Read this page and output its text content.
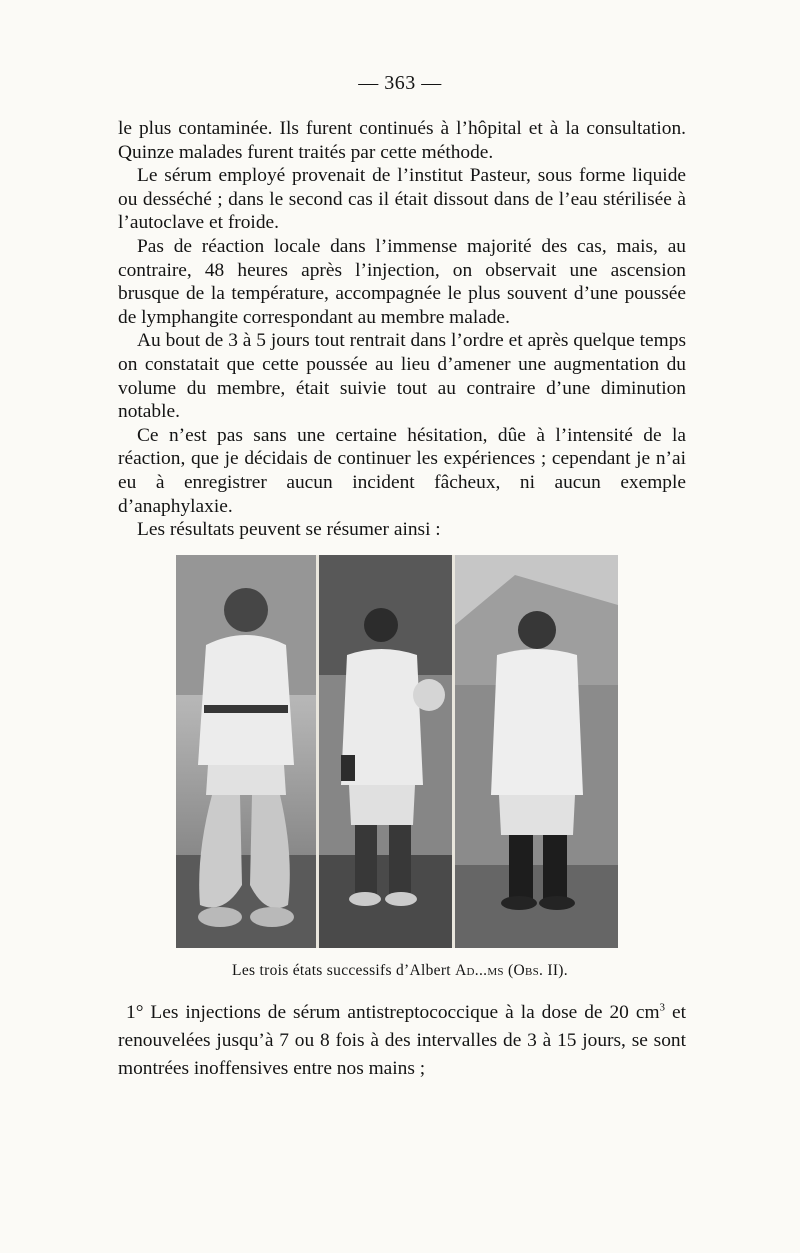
— 363 —

le plus contaminée. Ils furent continués à l’hôpital et à la consultation. Quinze malades furent traités par cette méthode.

Le sérum employé provenait de l’institut Pasteur, sous forme liquide ou desséché ; dans le second cas il était dissout dans de l’eau stérilisée à l’autoclave et froide.

Pas de réaction locale dans l’immense majorité des cas, mais, au contraire, 48 heures après l’injection, on observait une ascension brusque de la température, accompagnée le plus souvent d’une poussée de lymphangite correspondant au membre malade.

Au bout de 3 à 5 jours tout rentrait dans l’ordre et après quelque temps on constatait que cette poussée au lieu d’amener une augmentation du volume du membre, était suivie tout au contraire d’une diminution notable.

Ce n’est pas sans une certaine hésitation, dûe à l’intensité de la réaction, que je décidais de continuer les expériences ; cependant je n’ai eu à enregistrer aucun incident fâcheux, ni aucun exemple d’anaphylaxie.

Les résultats peuvent se résumer ainsi :

Les trois états successifs d’Albert Ad...ms (Obs. II).

1° Les injections de sérum antistreptococcique à la dose de 20 $cm^3$ et renouvelées jusqu’à 7 ou 8 fois à des intervalles de 3 à 15 jours, se sont montrées inoffensives entre nos mains ;
